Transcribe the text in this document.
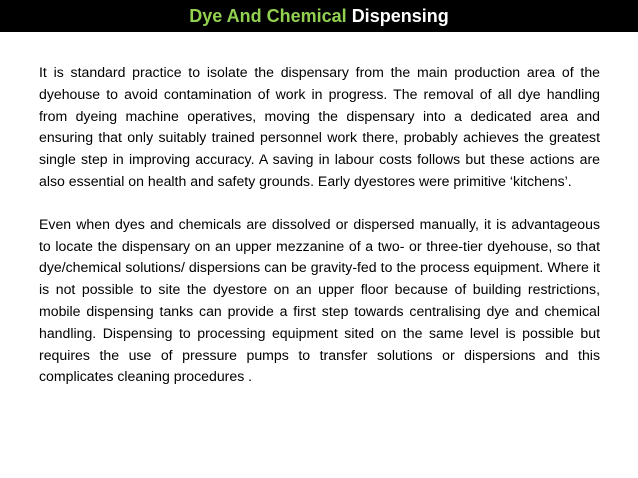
Dye And Chemical Dispensing

It is standard practice to isolate the dispensary from the main production area of the dyehouse to avoid contamination of work in progress. The removal of all dye handling from dyeing machine operatives, moving the dispensary into a dedicated area and ensuring that only suitably trained personnel work there, probably achieves the greatest single step in improving accuracy. A saving in labour costs follows but these actions are also essential on health and safety grounds. Early dyestores were primitive ‘kitchens’.

Even when dyes and chemicals are dissolved or dispersed manually, it is advantageous to locate the dispensary on an upper mezzanine of a two- or three-tier dyehouse, so that dye/chemical solutions/ dispersions can be gravity-fed to the process equipment. Where it is not possible to site the dyestore on an upper floor because of building restrictions, mobile dispensing tanks can provide a first step towards centralising dye and chemical handling. Dispensing to processing equipment sited on the same level is possible but requires the use of pressure pumps to transfer solutions or dispersions and this complicates cleaning procedures .
